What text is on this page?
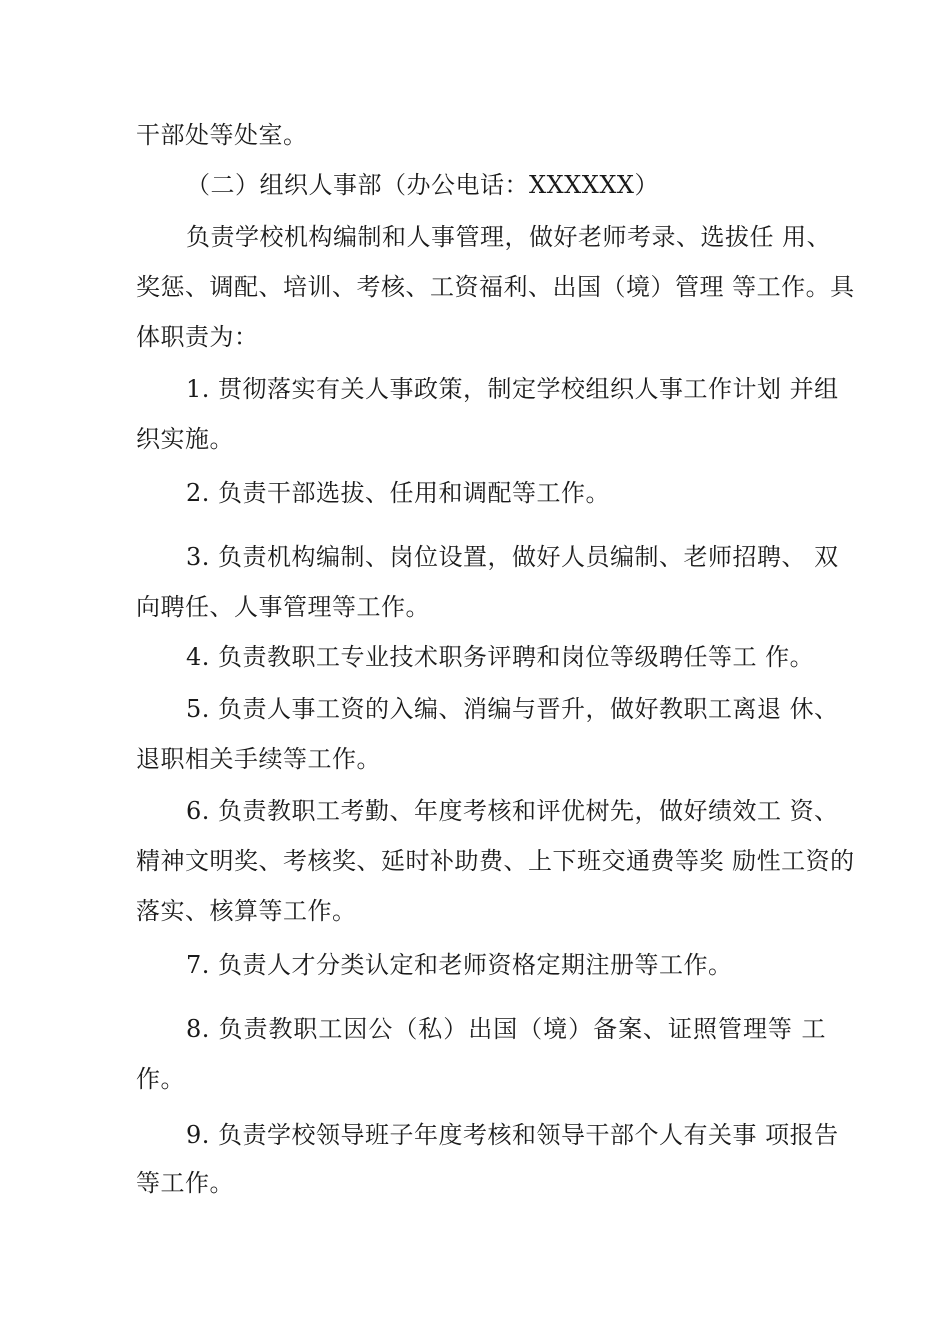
干部处等处室。
（二）组织人事部（办公电话：XXXXXX）
负责学校机构编制和人事管理，做好老师考录、选拔任 用、
奖惩、调配、培训、考核、工资福利、出国（境）管理 等工作。具
体职责为：
1. 贯彻落实有关人事政策，制定学校组织人事工作计划 并组
织实施。
2. 负责干部选拔、任用和调配等工作。
3. 负责机构编制、岗位设置，做好人员编制、老师招聘、 双
向聘任、人事管理等工作。
4. 负责教职工专业技术职务评聘和岗位等级聘任等工 作。
5. 负责人事工资的入编、消编与晋升，做好教职工离退 休、
退职相关手续等工作。
6. 负责教职工考勤、年度考核和评优树先，做好绩效工 资、
精神文明奖、考核奖、延时补助费、上下班交通费等奖 励性工资的
落实、核算等工作。
7. 负责人才分类认定和老师资格定期注册等工作。
8. 负责教职工因公（私）出国（境）备案、证照管理等 工
作。
9. 负责学校领导班子年度考核和领导干部个人有关事 项报告
等工作。
